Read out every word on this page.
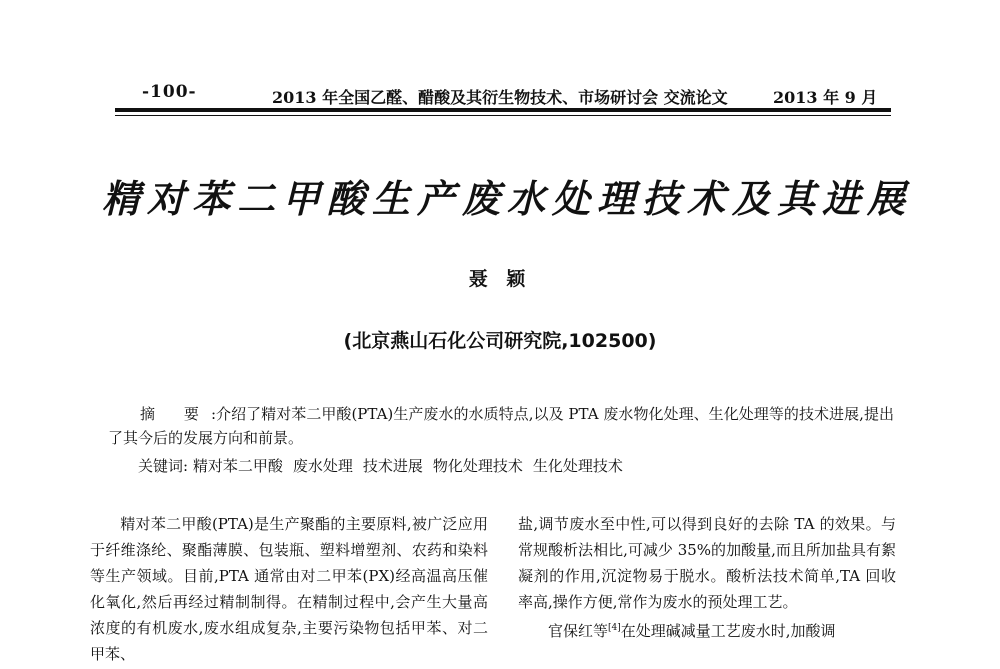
-100-	2013 年全国乙醛、醋酸及其衍生物技术、市场研讨会 交流论文	2013 年 9 月
精对苯二甲酸生产废水处理技术及其进展
聂 颖
(北京燕山石化公司研究院,102500)
摘 要:介绍了精对苯二甲酸(PTA)生产废水的水质特点,以及 PTA 废水物化处理、生化处理等的技术进展,提出了其今后的发展方向和前景。
关键词: 精对苯二甲酸 废水处理 技术进展 物化处理技术 生化处理技术
精对苯二甲酸(PTA)是生产聚酯的主要原料,被广泛应用于纤维涤纶、聚酯薄膜、包装瓶、塑料增塑剂、农药和染料等生产领域。目前,PTA 通常由对二甲苯(PX)经高温高压催化氧化,然后再经过精制制得。在精制过程中,会产生大量高浓度的有机废水,废水组成复杂,主要污染物包括甲苯、对二甲苯、
盐,调节废水至中性,可以得到良好的去除 TA 的效果。与常规酸析法相比,可减少 35%的加酸量,而且所加盐具有絮凝剂的作用,沉淀物易于脱水。酸析法技术简单,TA 回收率高,操作方便,常作为废水的预处理工艺。
官保红等[4]在处理碱减量工艺废水时,加酸调
